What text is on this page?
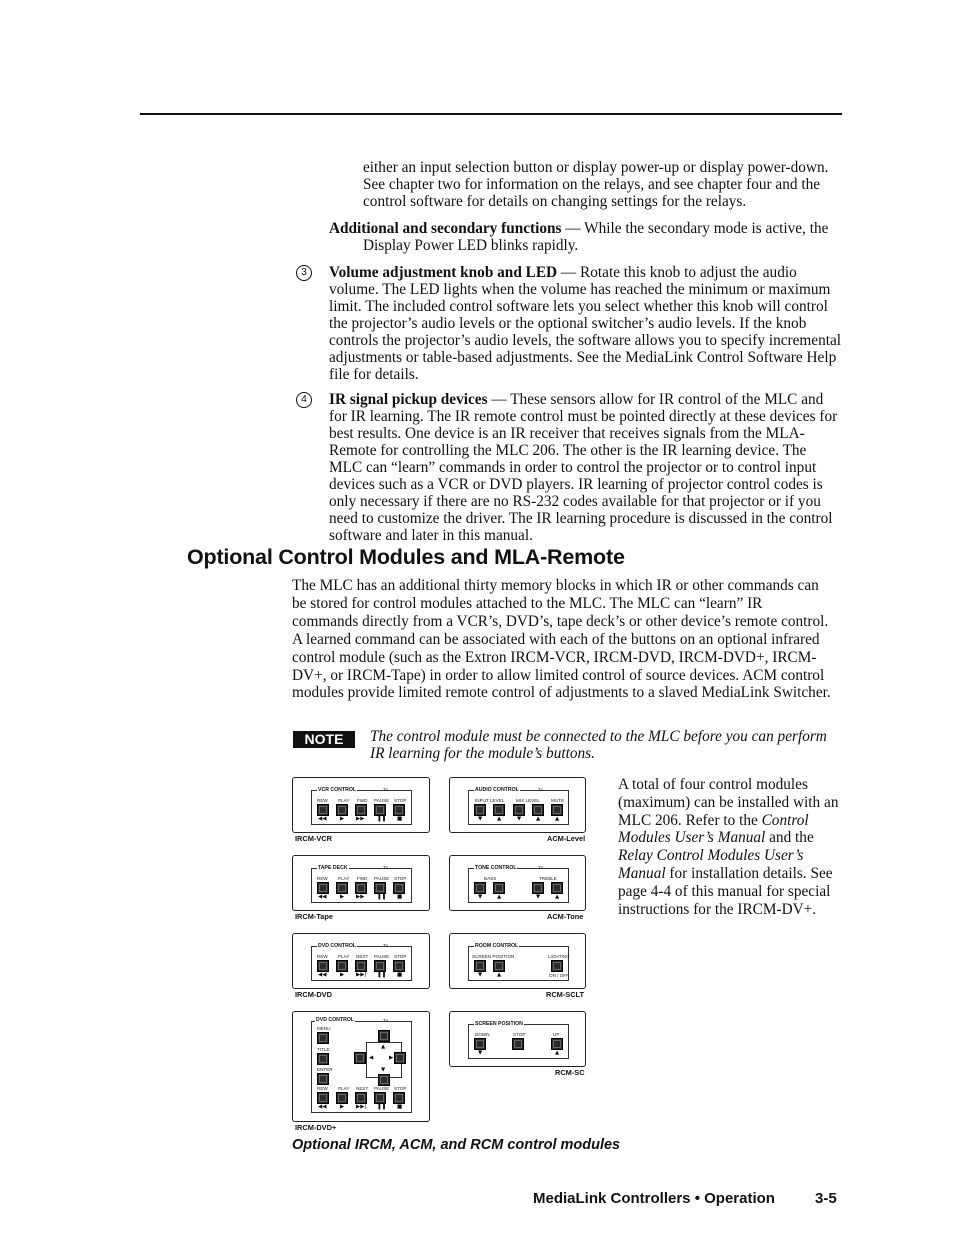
either an input selection button or display power-up or display power-down. See chapter two for information on the relays, and see chapter four and the control software for details on changing settings for the relays.
Additional and secondary functions — While the secondary mode is active, the Display Power LED blinks rapidly.
3	Volume adjustment knob and LED — Rotate this knob to adjust the audio volume. The LED lights when the volume has reached the minimum or maximum limit. The included control software lets you select whether this knob will control the projector’s audio levels or the optional switcher’s audio levels. If the knob controls the projector’s audio levels, the software allows you to specify incremental adjustments or table-based adjustments. See the MediaLink Control Software Help file for details.
4	IR signal pickup devices — These sensors allow for IR control of the MLC and for IR learning. The IR remote control must be pointed directly at these devices for best results. One device is an IR receiver that receives signals from the MLA-Remote for controlling the MLC 206. The other is the IR learning device. The MLC can “learn” commands in order to control the projector or to control input devices such as a VCR or DVD players. IR learning of projector control codes is only necessary if there are no RS-232 codes available for that projector or if you need to customize the driver. The IR learning procedure is discussed in the control software and later in this manual.
Optional Control Modules and MLA-Remote
The MLC has an additional thirty memory blocks in which IR or other commands can be stored for control modules attached to the MLC. The MLC can “learn” IR commands directly from a VCR’s, DVD’s, tape deck’s or other device’s remote control. A learned command can be associated with each of the buttons on an optional infrared control module (such as the Extron IRCM-VCR, IRCM-DVD, IRCM-DVD+, IRCM-DV+, or IRCM-Tape) in order to allow limited control of source devices. ACM control modules provide limited remote control of adjustments to a slaved MediaLink Switcher.
NOTE	The control module must be connected to the MLC before you can perform IR learning for the module’s buttons.
A total of four control modules (maximum) can be installed with an MLC 206. Refer to the Control Modules User’s Manual and the Relay Control Modules User’s Manual for installation details. See page 4-4 of this manual for special instructions for the IRCM-DV+.
VCR CONTROL	Tx
REW PLAY FWD PAUSE STOP
◀◀ ▶ ▶▶ ❚❚ ■
IRCM-VCR
AUDIO CONTROL	Tx
INPUT LEVEL	MIX LEVEL MUTE
▼	▲	▼	▲	▲
ACM-Level
TAPE DECK	Tx
REW PLAY FWD PAUSE STOP
◀◀ ▶ ▶▶ ❚❚ ■
IRCM-Tape
TONE CONTROL	Tx
BASS	TREBLE
▼	▲	▼	▲
ACM-Tone
DVD CONTROL	Tx
REW PLAY NEXT PAUSE STOP
◀◀ ▶ ▶▶| ❚❚ ■
IRCM-DVD
ROOM CONTROL
SCREEN POSITION	LIGHTING
▼	▲	ON / OFF
RCM-SCLT
DVD CONTROL	Tx
MENU
TITLE
ENTER
▲
◀	▶
▼
REW PLAY NEXT PAUSE STOP
◀◀ ▶ ▶▶| ❚❚ ■
IRCM-DVD+
SCREEN POSITION
DOWN	STOP	UP
▼	▲
RCM-SC
Optional IRCM, ACM, and RCM control modules
MediaLink Controllers • Operation	3-5
